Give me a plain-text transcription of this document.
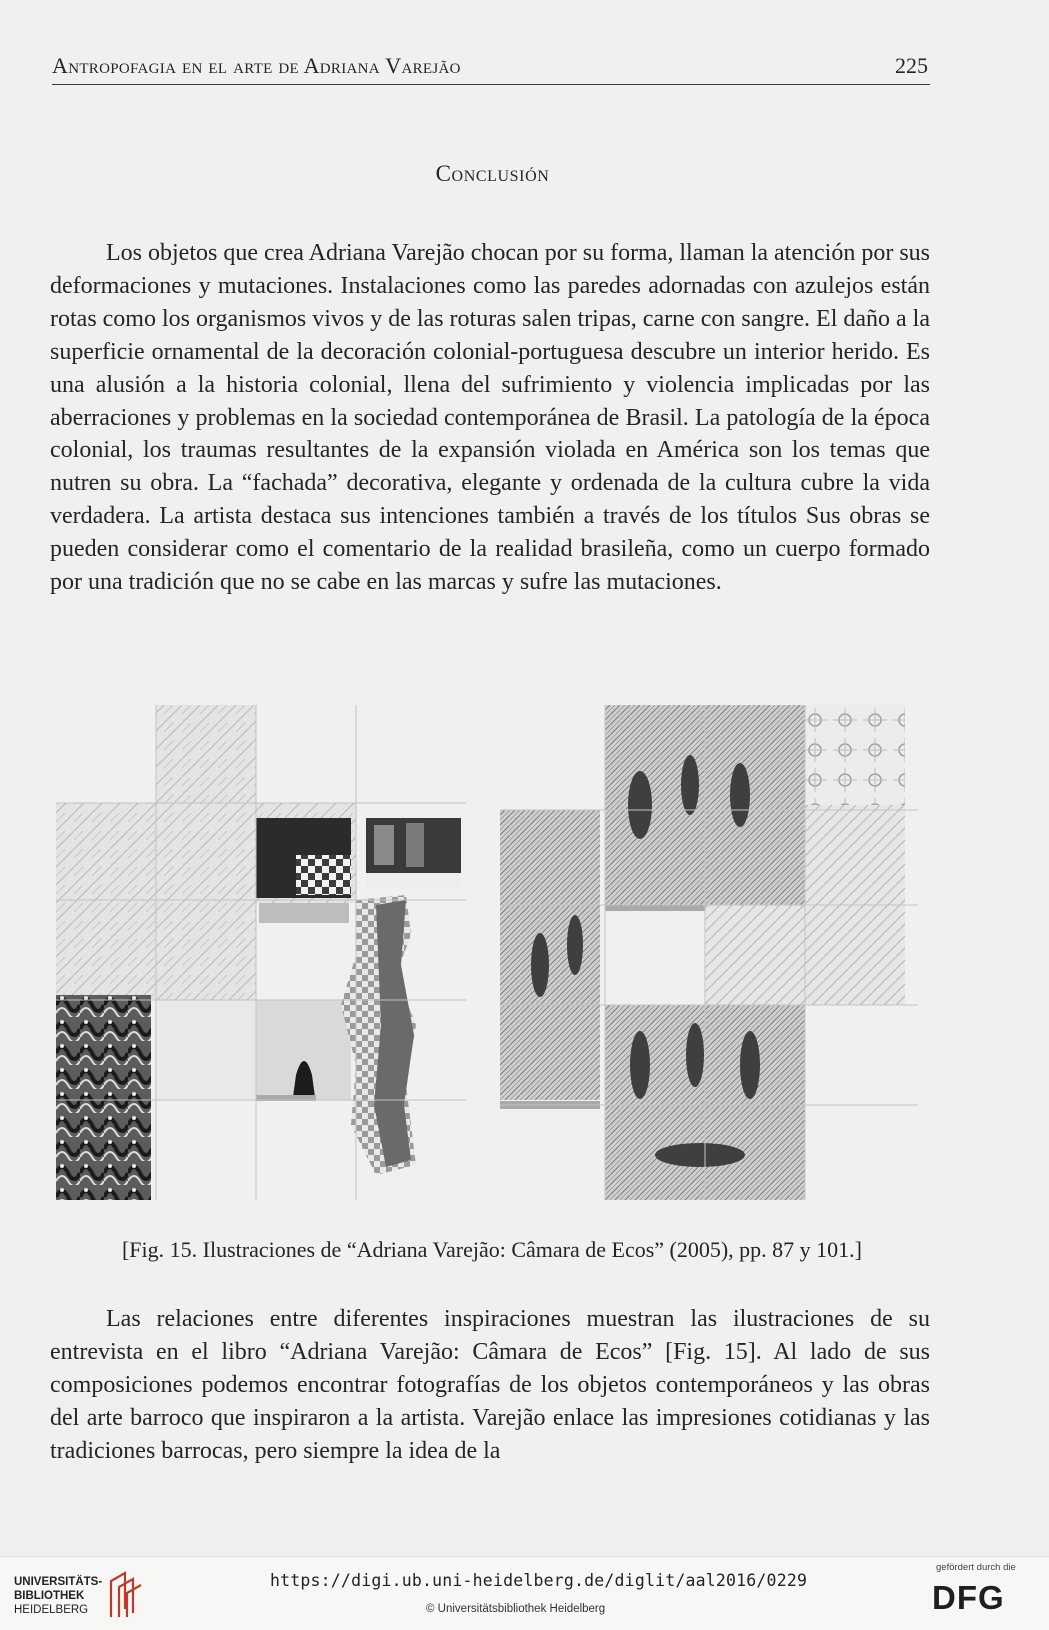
Antropofagia en el arte de Adriana Varejão	225
Conclusión

Los objetos que crea Adriana Varejão chocan por su forma, llaman la atención por sus deformaciones y mutaciones. Instalaciones como las paredes adornadas con azulejos están rotas como los organismos vivos y de las roturas salen tripas, carne con sangre. El daño a la superficie ornamental de la decoración colonial-portuguesa descubre un interior herido. Es una alusión a la historia colonial, llena del sufrimiento y violencia implicadas por las aberraciones y problemas en la sociedad contemporánea de Brasil. La patología de la época colonial, los traumas resultantes de la expansión violada en América son los temas que nutren su obra. La “fachada” decorativa, elegante y ordenada de la cultura cubre la vida verdadera. La artista destaca sus intenciones también a través de los títulos Sus obras se pueden considerar como el comentario de la realidad brasileña, como un cuerpo formado por una tradición que no se cabe en las marcas y sufre las mutaciones.

[Fig. 15. Ilustraciones de “Adriana Varejão: Câmara de Ecos” (2005), pp. 87 y 101.]

Las relaciones entre diferentes inspiraciones muestran las ilustraciones de su entrevista en el libro “Adriana Varejão: Câmara de Ecos” [Fig. 15]. Al lado de sus composiciones podemos encontrar fotografías de los objetos contemporáneos y las obras del arte barroco que inspiraron a la artista. Varejão enlace las impresiones cotidianas y las tradiciones barrocas, pero siempre la idea de la

UNIVERSITÄTS-
BIBLIOTHEK
HEIDELBERG
https://digi.ub.uni-heidelberg.de/diglit/aal2016/0229
© Universitätsbibliothek Heidelberg
gefördert durch die
DFG
